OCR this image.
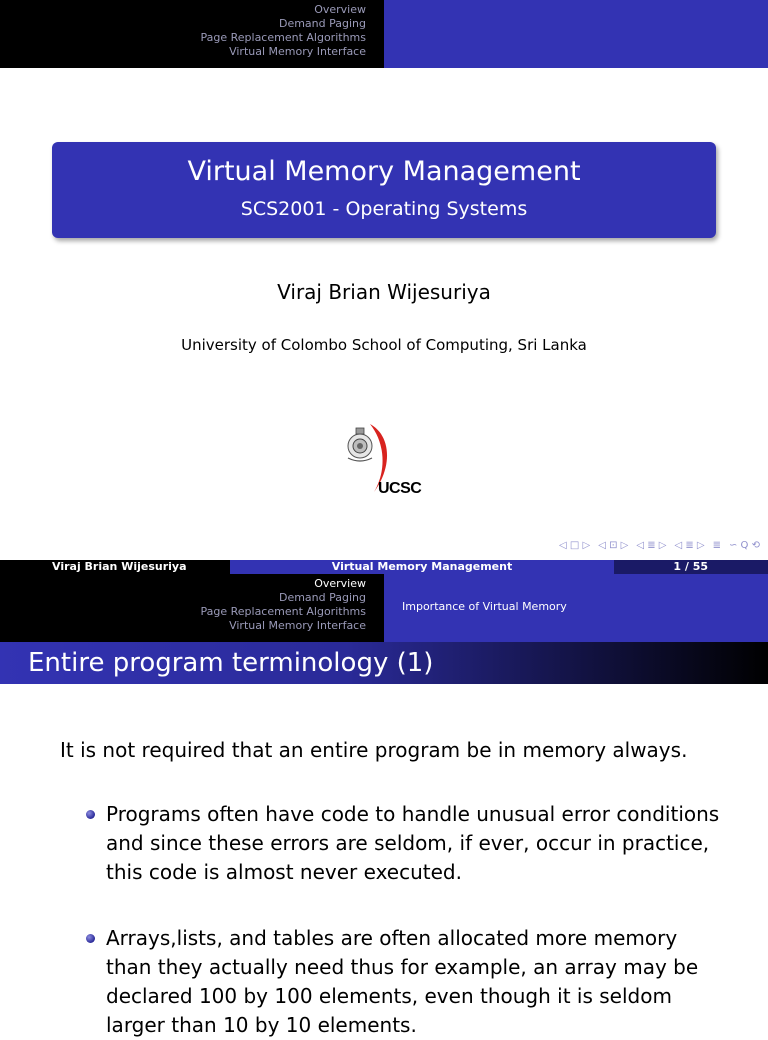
Overview
Demand Paging
Page Replacement Algorithms
Virtual Memory Interface
Virtual Memory Management
SCS2001 - Operating Systems
Viraj Brian Wijesuriya
University of Colombo School of Computing, Sri Lanka
UCSC
◁ □ ▷ ◁ ⊡ ▷ ◁ ≣ ▷ ◁ ≣ ▷ ≣ ∽ Q ⟲
Viraj Brian Wijesuriya	Virtual Memory Management	1 / 55
Overview
Demand Paging
Page Replacement Algorithms
Virtual Memory Interface
Importance of Virtual Memory
Entire program terminology (1)
It is not required that an entire program be in memory always.
Programs often have code to handle unusual error conditions and since these errors are seldom, if ever, occur in practice, this code is almost never executed.
Arrays,lists, and tables are often allocated more memory than they actually need thus for example, an array may be declared 100 by 100 elements, even though it is seldom larger than 10 by 10 elements.
